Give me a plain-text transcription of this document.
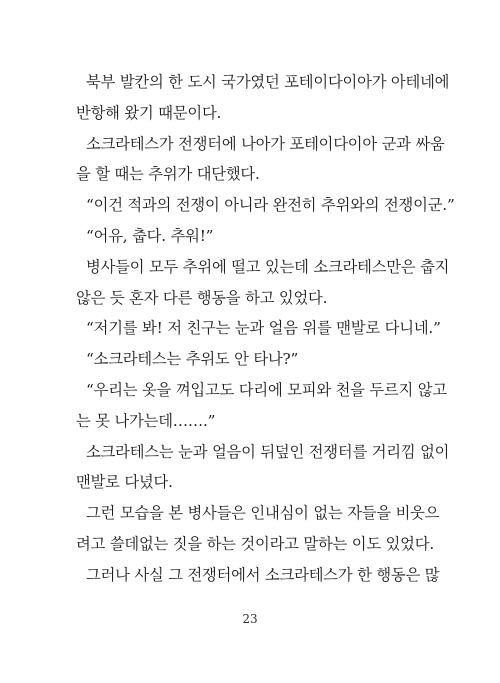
북부 발칸의 한 도시 국가였던 포테이다이아가 아테네에
반항해 왔기 때문이다.
소크라테스가 전쟁터에 나아가 포테이다이아 군과 싸움
을 할 때는 추위가 대단했다.
“이건 적과의 전쟁이 아니라 완전히 추위와의 전쟁이군.”
“어유, 춥다. 추워!”
병사들이 모두 추위에 떨고 있는데 소크라테스만은 춥지
않은 듯 혼자 다른 행동을 하고 있었다.
“저기를 봐! 저 친구는 눈과 얼음 위를 맨발로 다니네.”
“소크라테스는 추위도 안 타나?”
“우리는 옷을 껴입고도 다리에 모피와 천을 두르지 않고
는 못 나가는데…….”
소크라테스는 눈과 얼음이 뒤덮인 전쟁터를 거리낌 없이
맨발로 다녔다.
그런 모습을 본 병사들은 인내심이 없는 자들을 비웃으
려고 쓸데없는 짓을 하는 것이라고 말하는 이도 있었다.
그러나 사실 그 전쟁터에서 소크라테스가 한 행동은 많
23
